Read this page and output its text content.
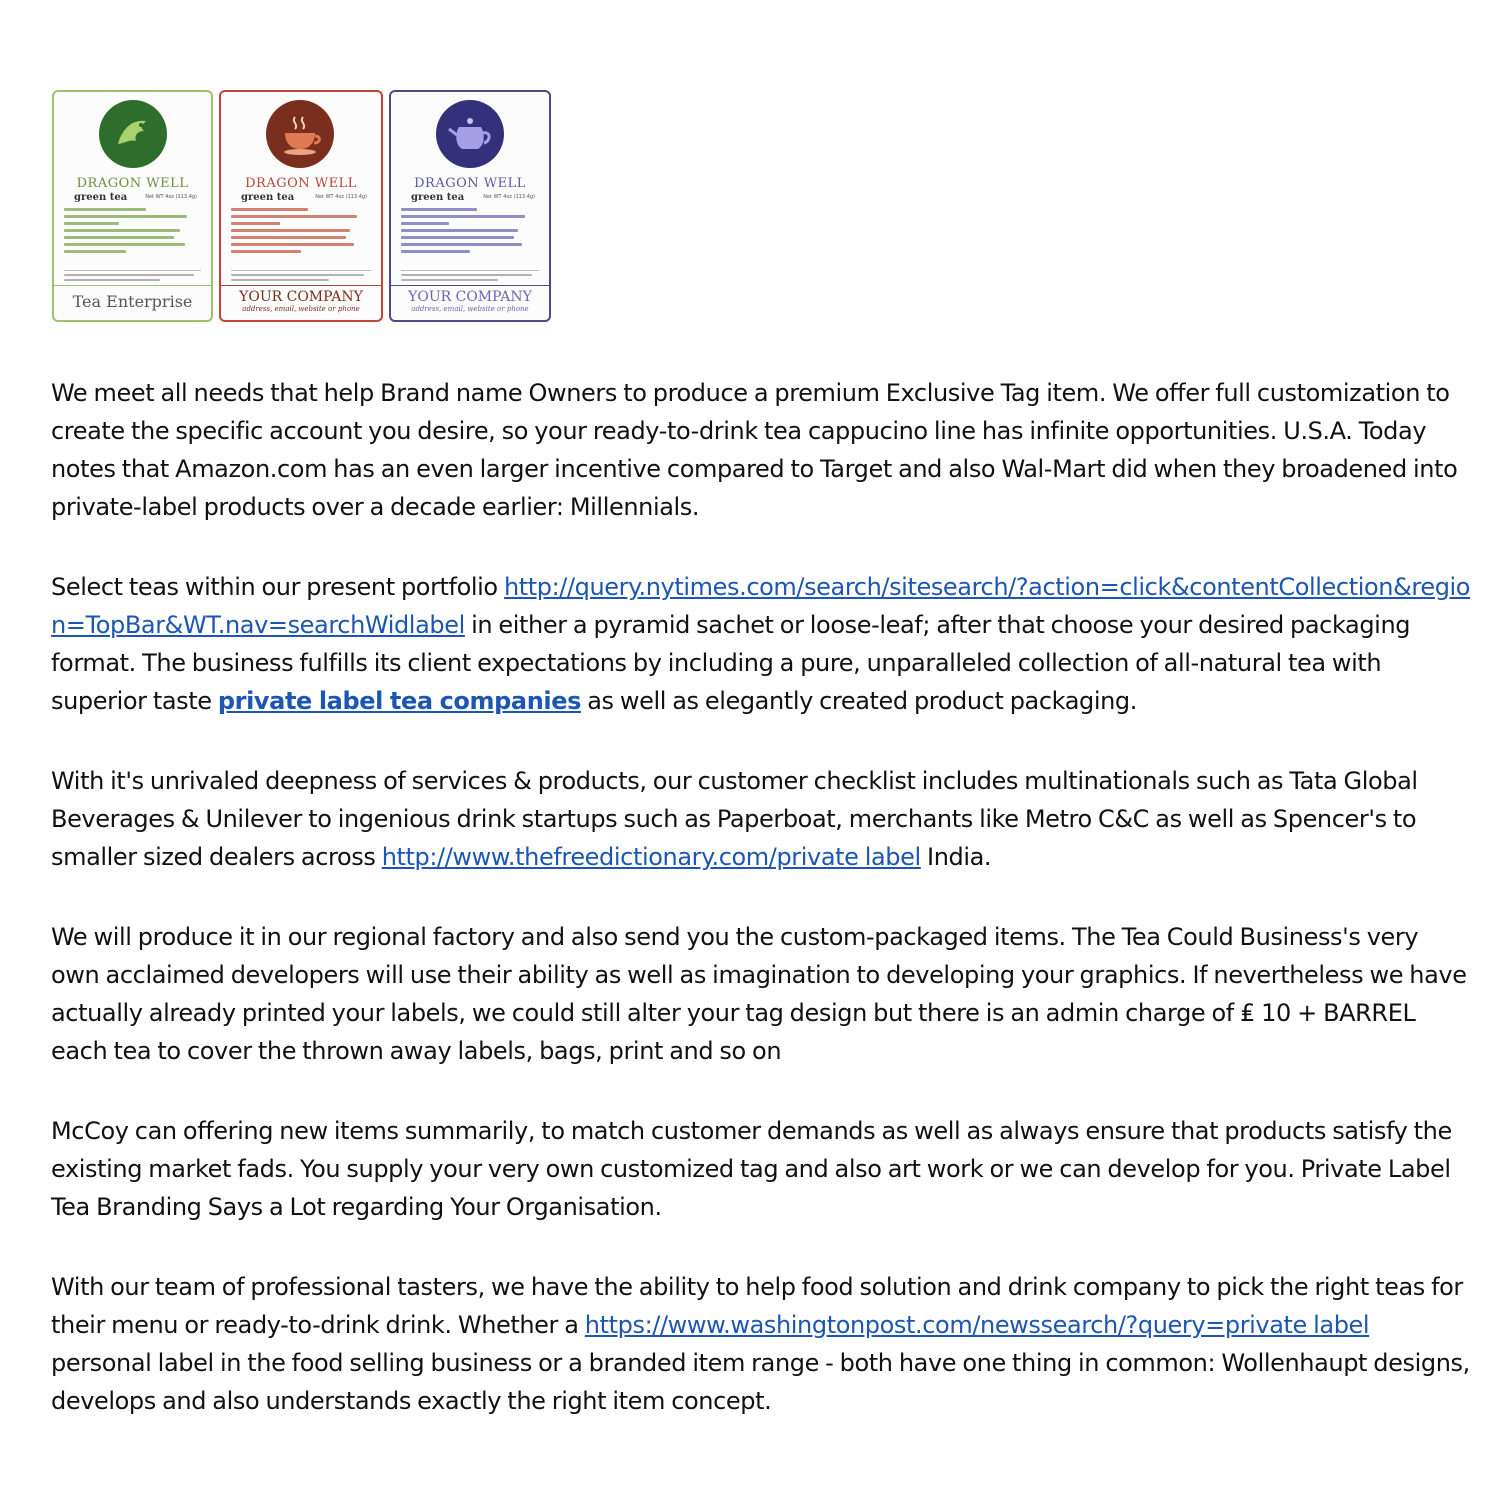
DRAGON WELL
green tea	Net WT 4oz (113.4g)
Tea Enterprise
DRAGON WELL
green tea	Net WT 4oz (113.4g)
YOUR COMPANY
address, email, website or phone
DRAGON WELL
green tea	Net WT 4oz (113.4g)
YOUR COMPANY
address, email, website or phone

We meet all needs that help Brand name Owners to produce a premium Exclusive Tag item. We offer full customization to create the specific account you desire, so your ready-to-drink tea cappucino line has infinite opportunities. U.S.A. Today notes that Amazon.com has an even larger incentive compared to Target and also Wal-Mart did when they broadened into private-label products over a decade earlier: Millennials.

Select teas within our present portfolio http://query.nytimes.com/search/sitesearch/?action=click&contentCollection&region=TopBar&WT.nav=searchWidlabel in either a pyramid sachet or loose-leaf; after that choose your desired packaging format. The business fulfills its client expectations by including a pure, unparalleled collection of all-natural tea with superior taste private label tea companies as well as elegantly created product packaging.

With it's unrivaled deepness of services & products, our customer checklist includes multinationals such as Tata Global Beverages & Unilever to ingenious drink startups such as Paperboat, merchants like Metro C&C as well as Spencer's to smaller sized dealers across http://www.thefreedictionary.com/private label India.

We will produce it in our regional factory and also send you the custom-packaged items. The Tea Could Business's very own acclaimed developers will use their ability as well as imagination to developing your graphics. If nevertheless we have actually already printed your labels, we could still alter your tag design but there is an admin charge of ₤ 10 + BARREL each tea to cover the thrown away labels, bags, print and so on

McCoy can offering new items summarily, to match customer demands as well as always ensure that products satisfy the existing market fads. You supply your very own customized tag and also art work or we can develop for you. Private Label Tea Branding Says a Lot regarding Your Organisation.

With our team of professional tasters, we have the ability to help food solution and drink company to pick the right teas for their menu or ready-to-drink drink. Whether a https://www.washingtonpost.com/newssearch/?query=private label personal label in the food selling business or a branded item range - both have one thing in common: Wollenhaupt designs, develops and also understands exactly the right item concept.
